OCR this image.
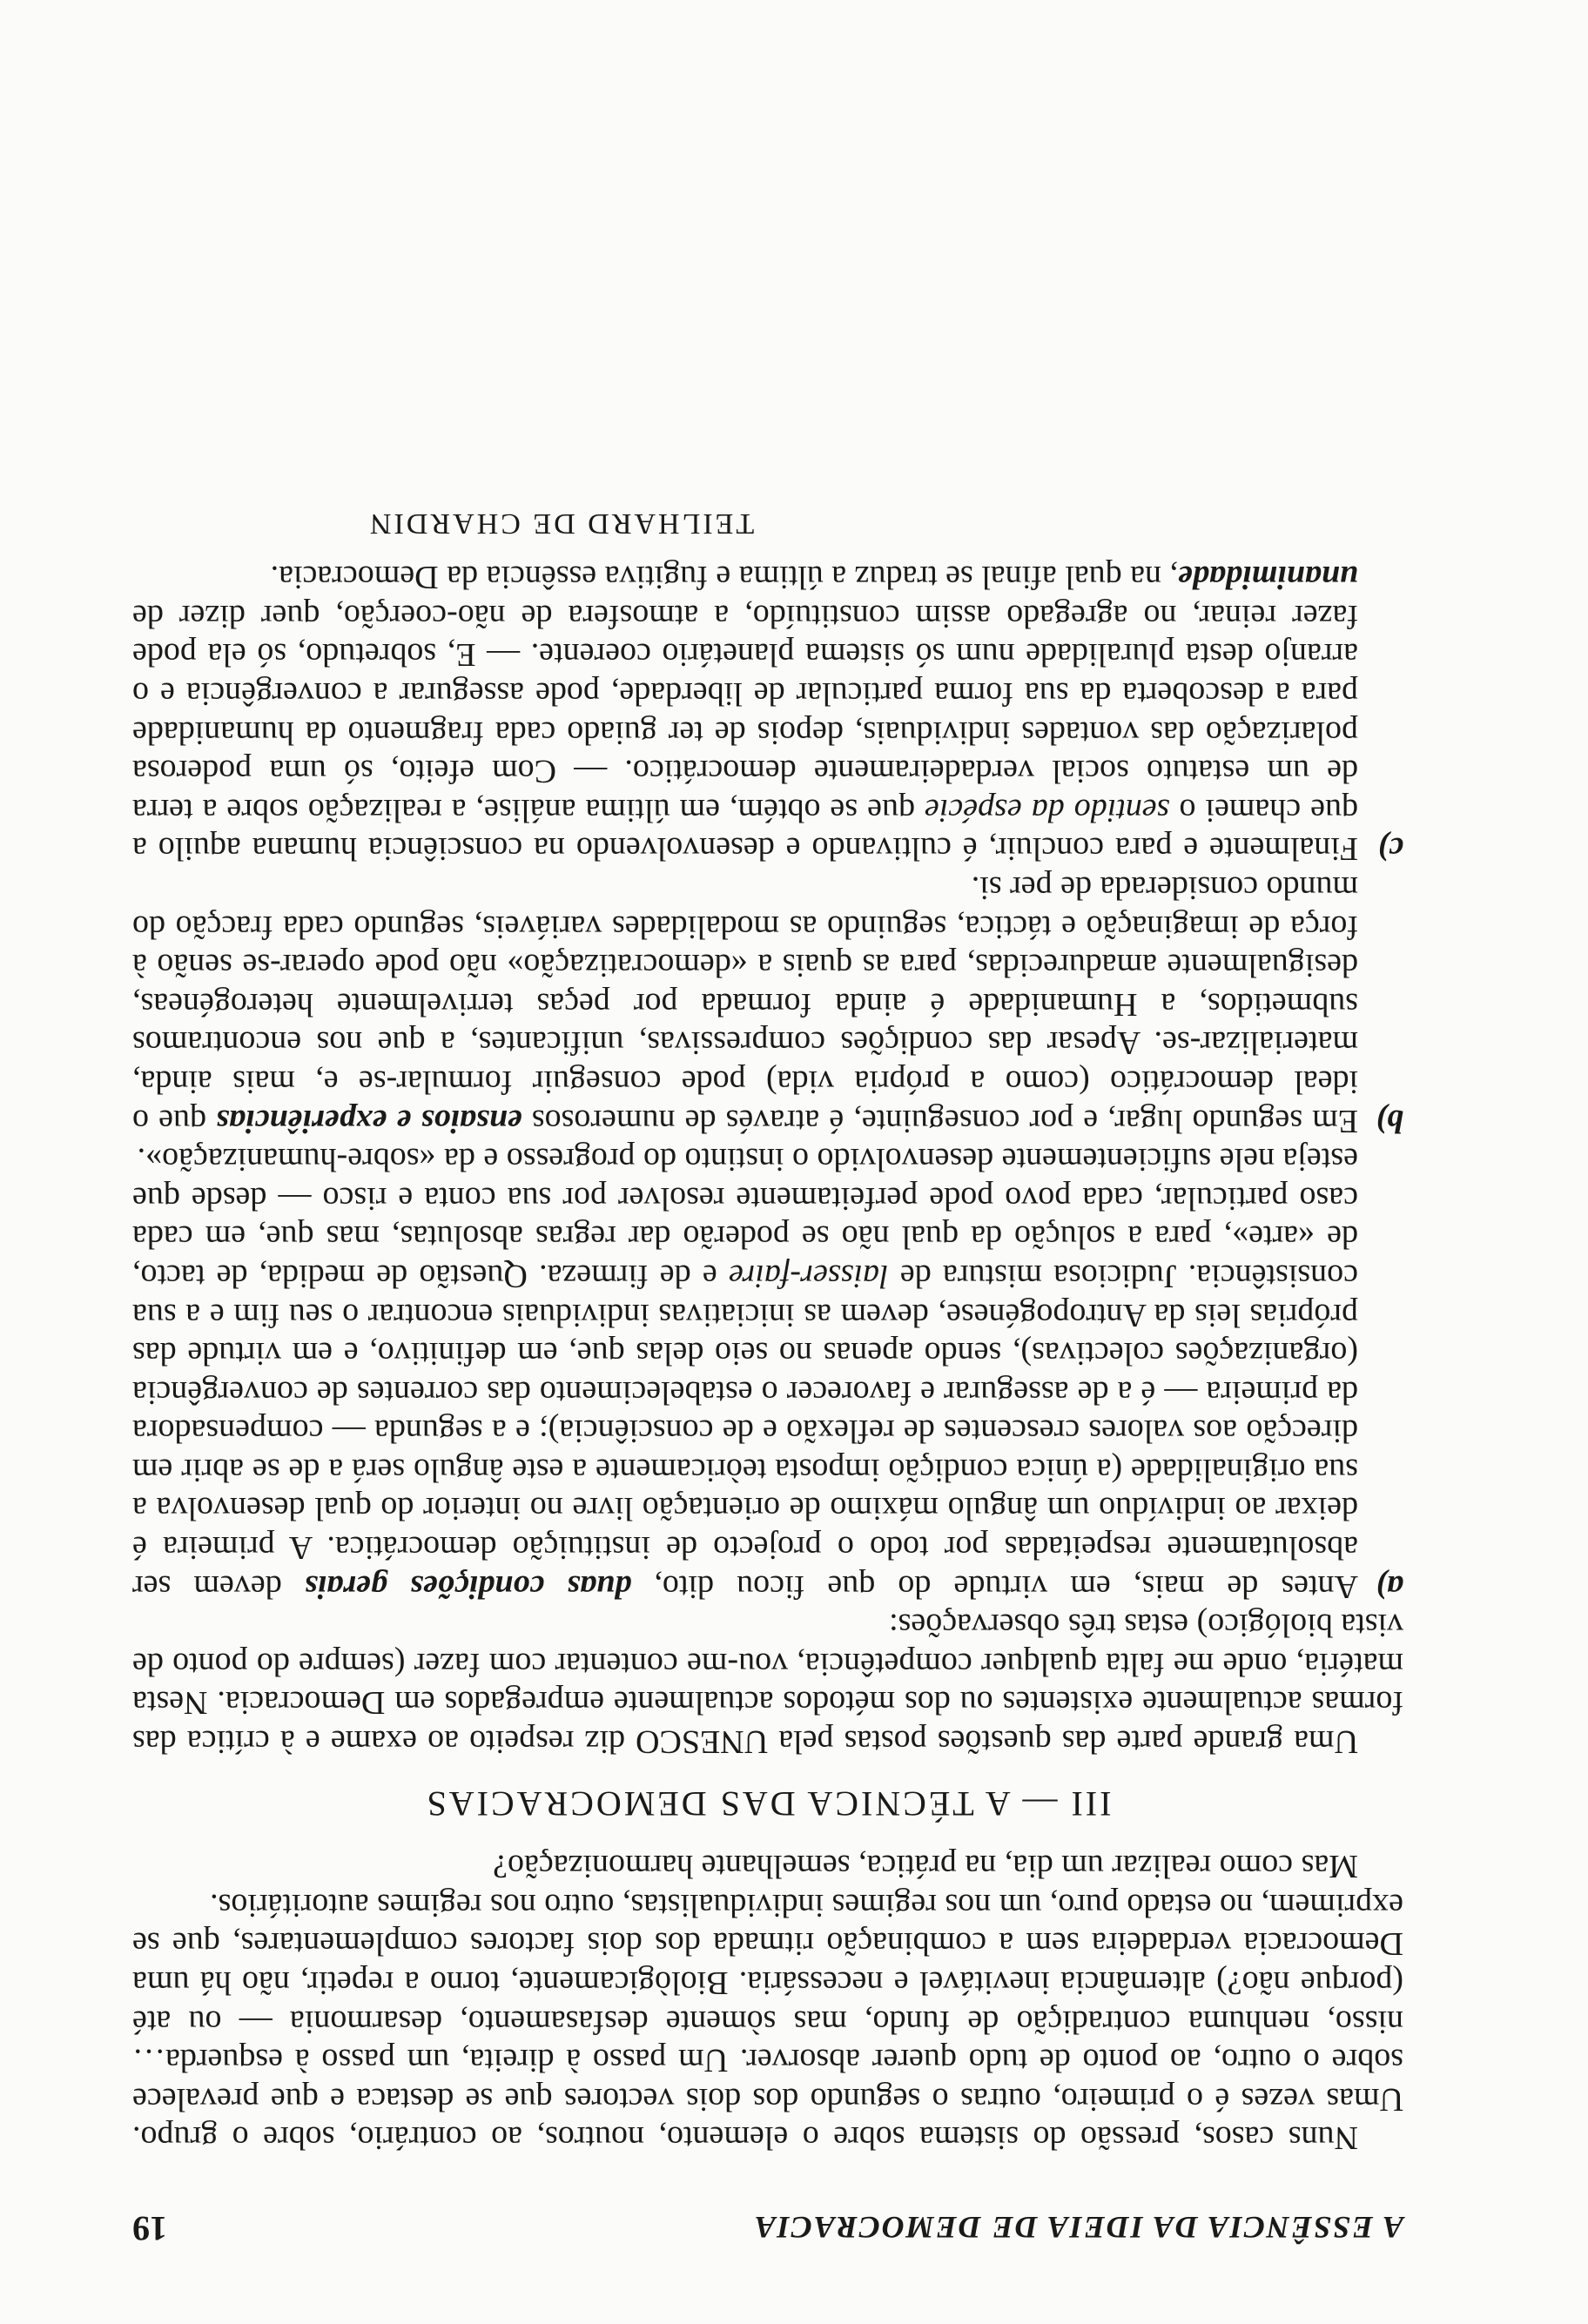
A ESSÊNCIA DA IDEIA DE DEMOCRACIA
19

Nuns casos, pressão do sistema sobre o elemento, noutros, ao contrário, sobre o grupo. Umas vezes é o primeiro, outras o segundo dos dois vectores que se destaca e que prevalece sobre o outro, ao ponto de tudo querer absorver. Um passo à direita, um passo à esquerda… nisso, nenhuma contradição de fundo, mas sòmente desfasamento, desarmonia — ou até (porque não?) alternância inevitável e necessária. Biològicamente, torno a repetir, não há uma Democracia verdadeira sem a combinação ritmada dos dois factores complementares, que se exprimem, no estado puro, um nos regimes individualistas, outro nos regimes autoritários.

Mas como realizar um dia, na prática, semelhante harmonização?

III — A TÉCNICA DAS DEMOCRACIAS

Uma grande parte das questões postas pela UNESCO diz respeito ao exame e à crítica das formas actualmente existentes ou dos métodos actualmente empregados em Democracia. Nesta matéria, onde me falta qualquer competência, vou-me contentar com fazer (sempre do ponto de vista biológico) estas três observações:

a)
Antes de mais, em virtude do que ficou dito, duas condições gerais devem ser absolutamente respeitadas por todo o projecto de instituição democrática. A primeira é deixar ao indivíduo um ângulo máximo de orientação livre no interior do qual desenvolva a sua originalidade (a única condição imposta teòricamente a este ângulo será a de se abrir em direcção aos valores crescentes de reflexão e de consciência); e a segunda — compensadora da primeira — é a de assegurar e favorecer o estabelecimento das correntes de convergência (organizações colectivas), sendo apenas no seio delas que, em definitivo, e em virtude das próprias leis da Antropogénese, devem as iniciativas individuais encontrar o seu fim e a sua consistência. Judiciosa mistura de laisser-faire e de firmeza. Questão de medida, de tacto, de «arte», para a solução da qual não se poderão dar regras absolutas, mas que, em cada caso particular, cada povo pode perfeitamente resolver por sua conta e risco — desde que esteja nele suficientemente desenvolvido o instinto do progresso e da «sobre-humanização».
b)
Em segundo lugar, e por conseguinte, é através de numerosos ensaios e experiências que o ideal democrático (como a própria vida) pode conseguir formular-se e, mais ainda, materializar-se. Apesar das condições compressivas, unificantes, a que nos encontramos submetidos, a Humanidade é ainda formada por peças terrivelmente heterogéneas, desigualmente amadurecidas, para as quais a «democratização» não pode operar-se senão à força de imaginação e táctica, seguindo as modalidades variáveis, segundo cada fracção do mundo considerada de per si.
c)
Finalmente e para concluir, é cultivando e desenvolvendo na consciência humana aquilo a que chamei o sentido da espécie que se obtém, em última análise, a realização sobre a terra de um estatuto social verdadeiramente democrático. — Com efeito, só uma poderosa polarização das vontades individuais, depois de ter guiado cada fragmento da humanidade para a descoberta da sua forma particular de liberdade, pode assegurar a convergência e o arranjo desta pluralidade num só sistema planetário coerente. — E, sobretudo, só ela pode fazer reinar, no agregado assim constituído, a atmosfera de não-coerção, quer dizer de unanimidade, na qual afinal se traduz a última e fugitiva essência da Democracia.

TEILHARD DE CHARDIN
